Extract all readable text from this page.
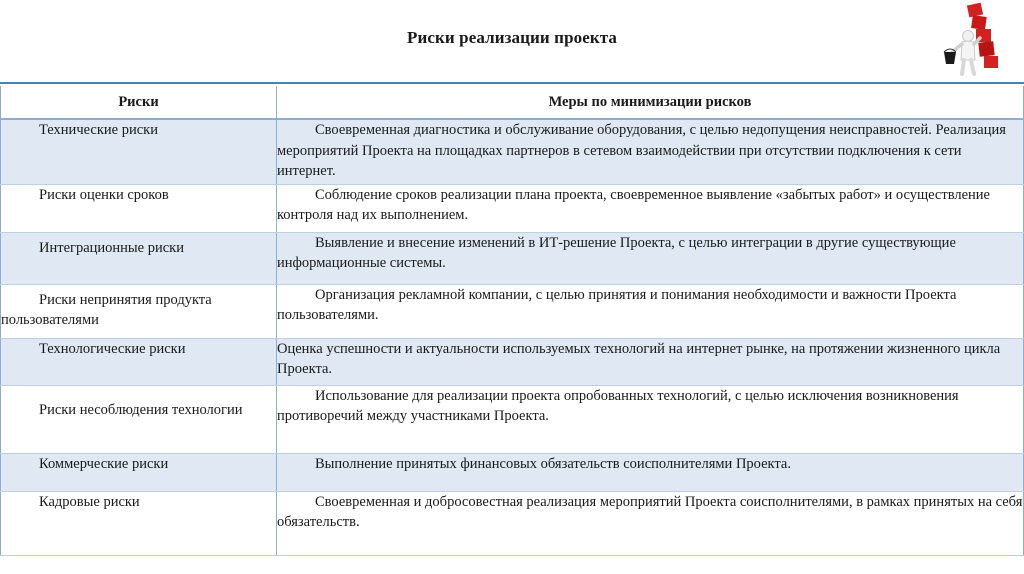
Риски реализации проекта
Риски	Меры по минимизации рисков

Технические риски	Своевременная диагностика и обслуживание оборудования, с целью недопущения неисправностей. Реализация мероприятий Проекта на площадках партнеров в сетевом взаимодействии при отсутствии подключения к сети интернет.

Риски оценки сроков	Соблюдение сроков реализации плана проекта, своевременное выявление «забытых работ» и осуществление контроля над их выполнением.

Интеграционные риски	Выявление и внесение изменений в ИТ-решение Проекта, с целью интеграции в другие существующие информационные системы.

Риски непринятия продукта пользователями	Организация рекламной компании, с целью принятия и понимания необходимости и важности Проекта пользователями.

Технологические риски	Оценка успешности и актуальности используемых технологий на интернет рынке, на протяжении жизненного цикла Проекта.

Риски несоблюдения технологии	Использование для реализации проекта опробованных технологий, с целью исключения возникновения противоречий между участниками Проекта.

Коммерческие риски	Выполнение принятых финансовых обязательств соисполнителями Проекта.

Кадровые риски	Своевременная и добросовестная реализация мероприятий Проекта соисполнителями, в рамках принятых на себя обязательств.
